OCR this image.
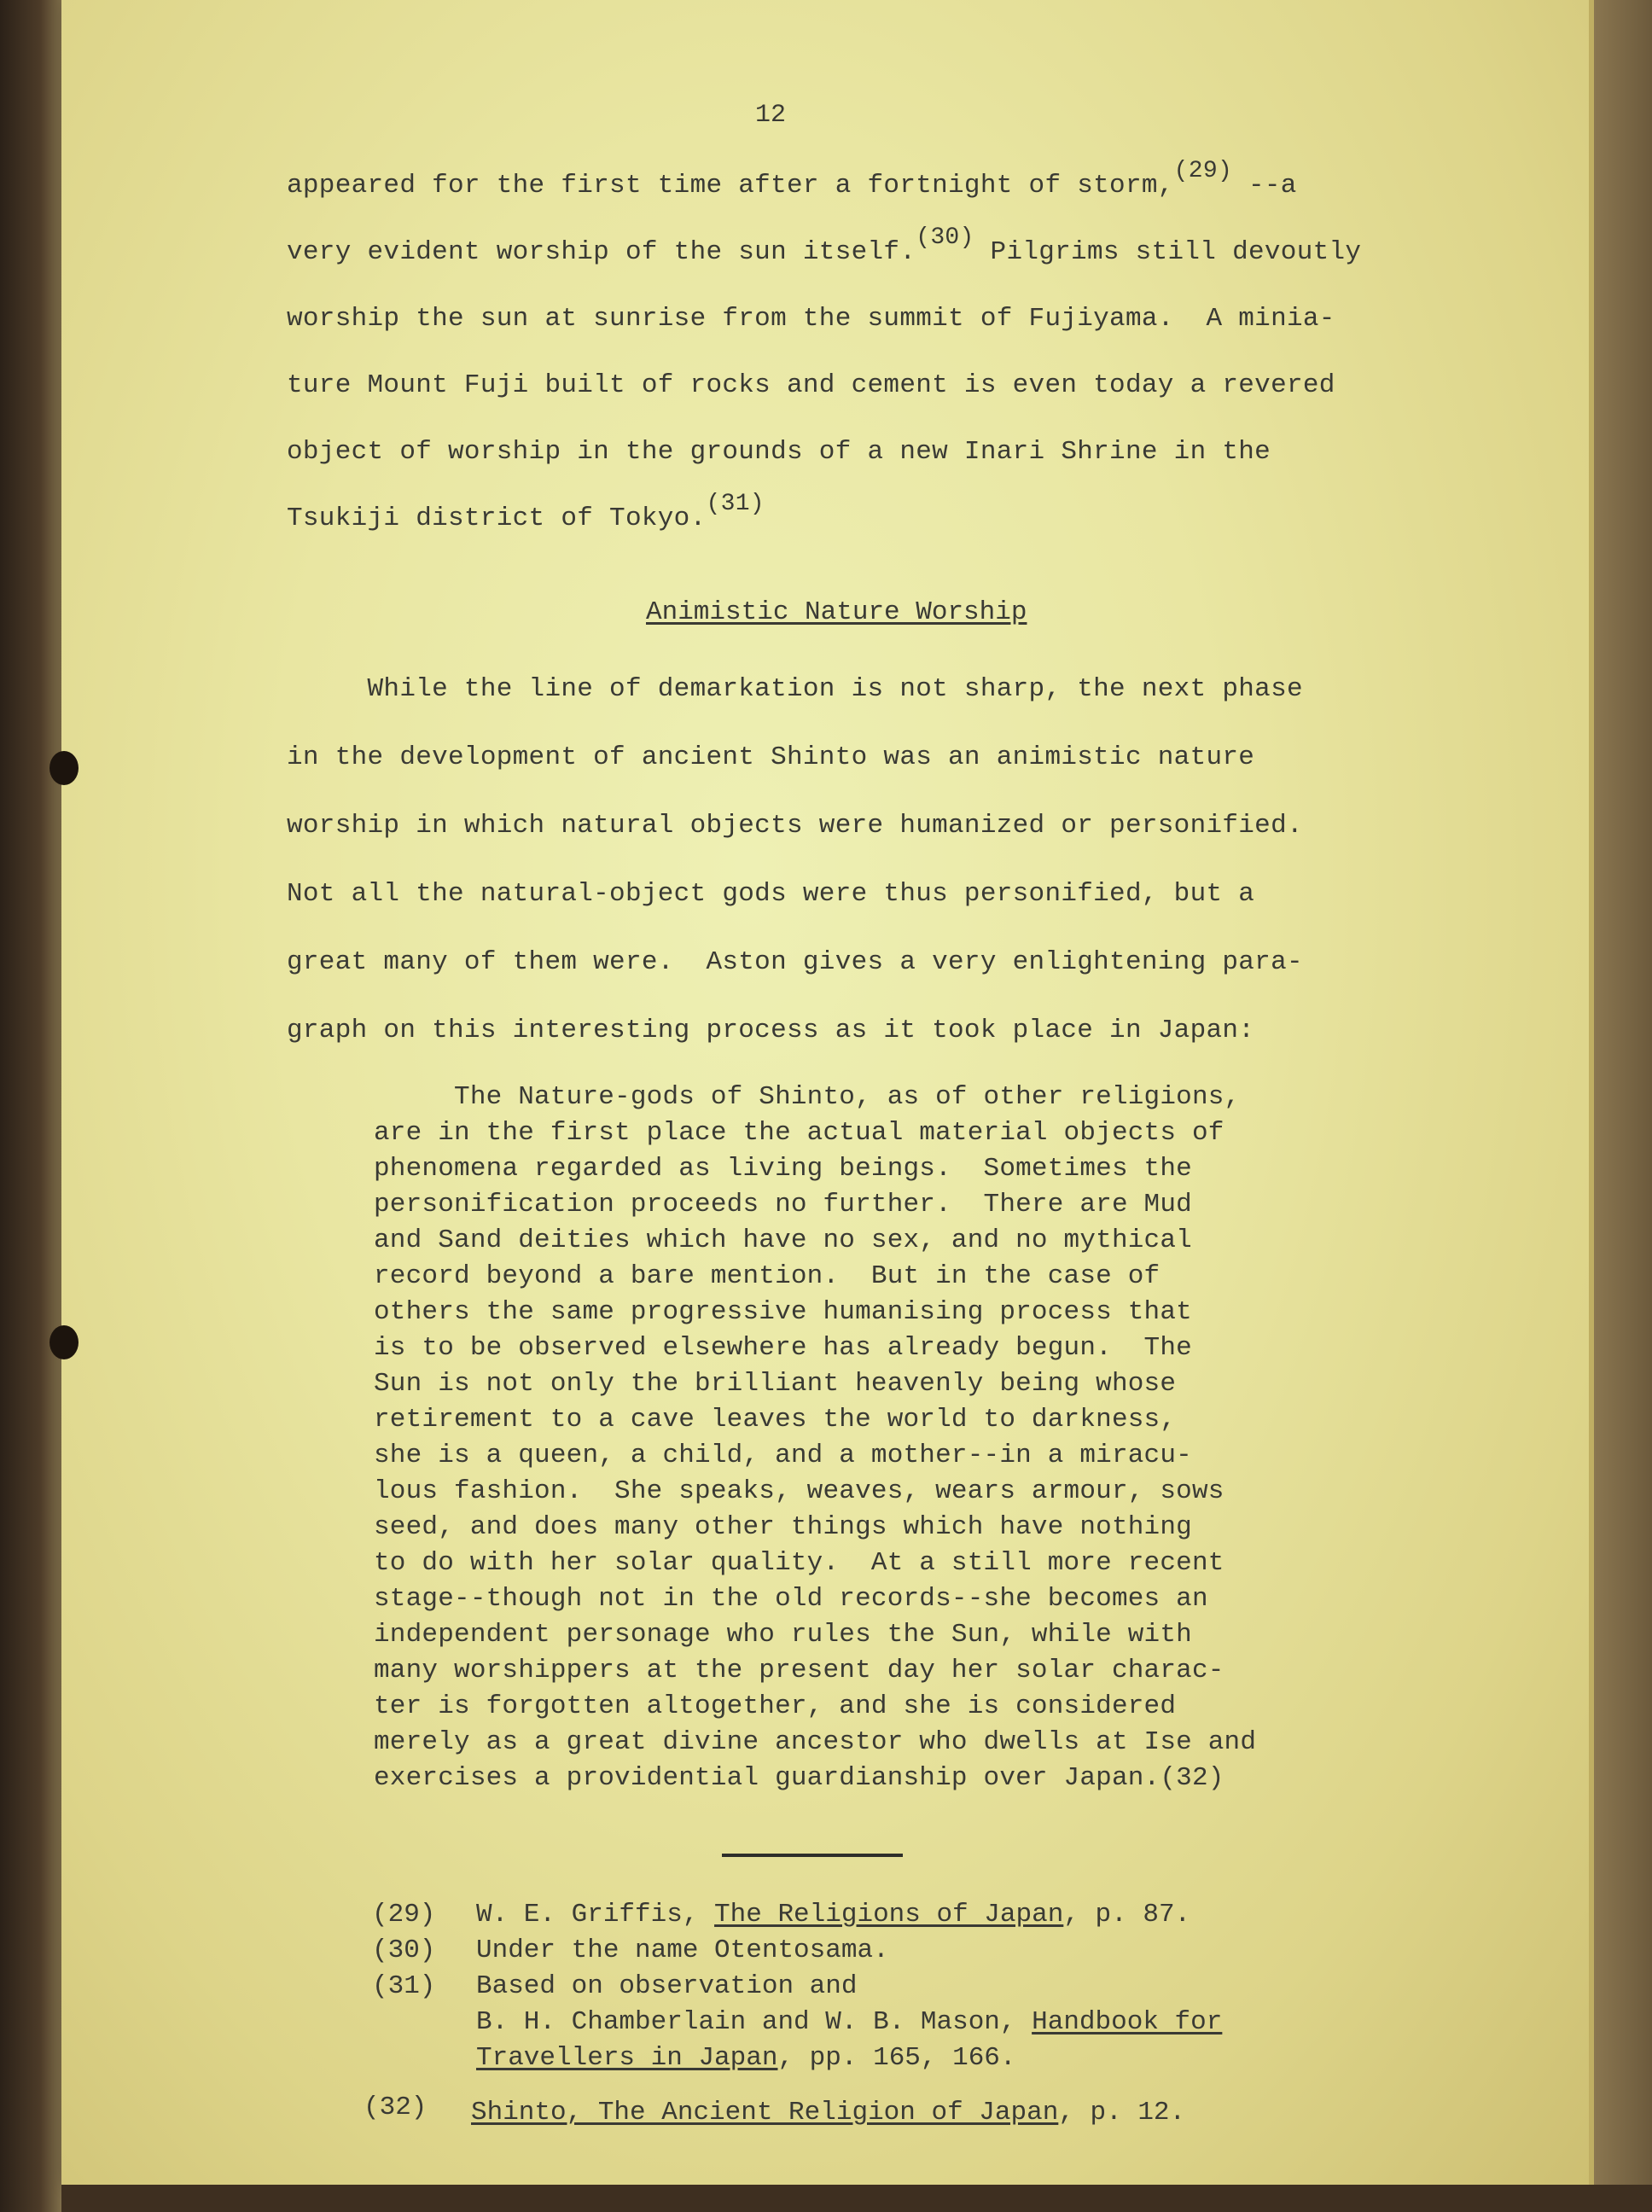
12
appeared for the first time after a fortnight of storm,(29) --a
very evident worship of the sun itself.(30) Pilgrims still devoutly
worship the sun at sunrise from the summit of Fujiyama.  A minia-
ture Mount Fuji built of rocks and cement is even today a revered
object of worship in the grounds of a new Inari Shrine in the
Tsukiji district of Tokyo.(31)
Animistic Nature Worship
While the line of demarkation is not sharp, the next phase
in the development of ancient Shinto was an animistic nature
worship in which natural objects were humanized or personified.
Not all the natural-object gods were thus personified, but a
great many of them were.  Aston gives a very enlightening para-
graph on this interesting process as it took place in Japan:
The Nature-gods of Shinto, as of other religions,
are in the first place the actual material objects of
phenomena regarded as living beings.  Sometimes the
personification proceeds no further.  There are Mud
and Sand deities which have no sex, and no mythical
record beyond a bare mention.  But in the case of
others the same progressive humanising process that
is to be observed elsewhere has already begun.  The
Sun is not only the brilliant heavenly being whose
retirement to a cave leaves the world to darkness,
she is a queen, a child, and a mother--in a miracu-
lous fashion.  She speaks, weaves, wears armour, sows
seed, and does many other things which have nothing
to do with her solar quality.  At a still more recent
stage--though not in the old records--she becomes an
independent personage who rules the Sun, while with
many worshippers at the present day her solar charac-
ter is forgotten altogether, and she is considered
merely as a great divine ancestor who dwells at Ise and
exercises a providential guardianship over Japan.(32)
(29) W. E. Griffis, The Religions of Japan, p. 87.
(30) Under the name Otentosama.
(31) Based on observation and
B. H. Chamberlain and W. B. Mason, Handbook for
Travellers in Japan, pp. 165, 166.
(32) Shinto, The Ancient Religion of Japan, p. 12.
